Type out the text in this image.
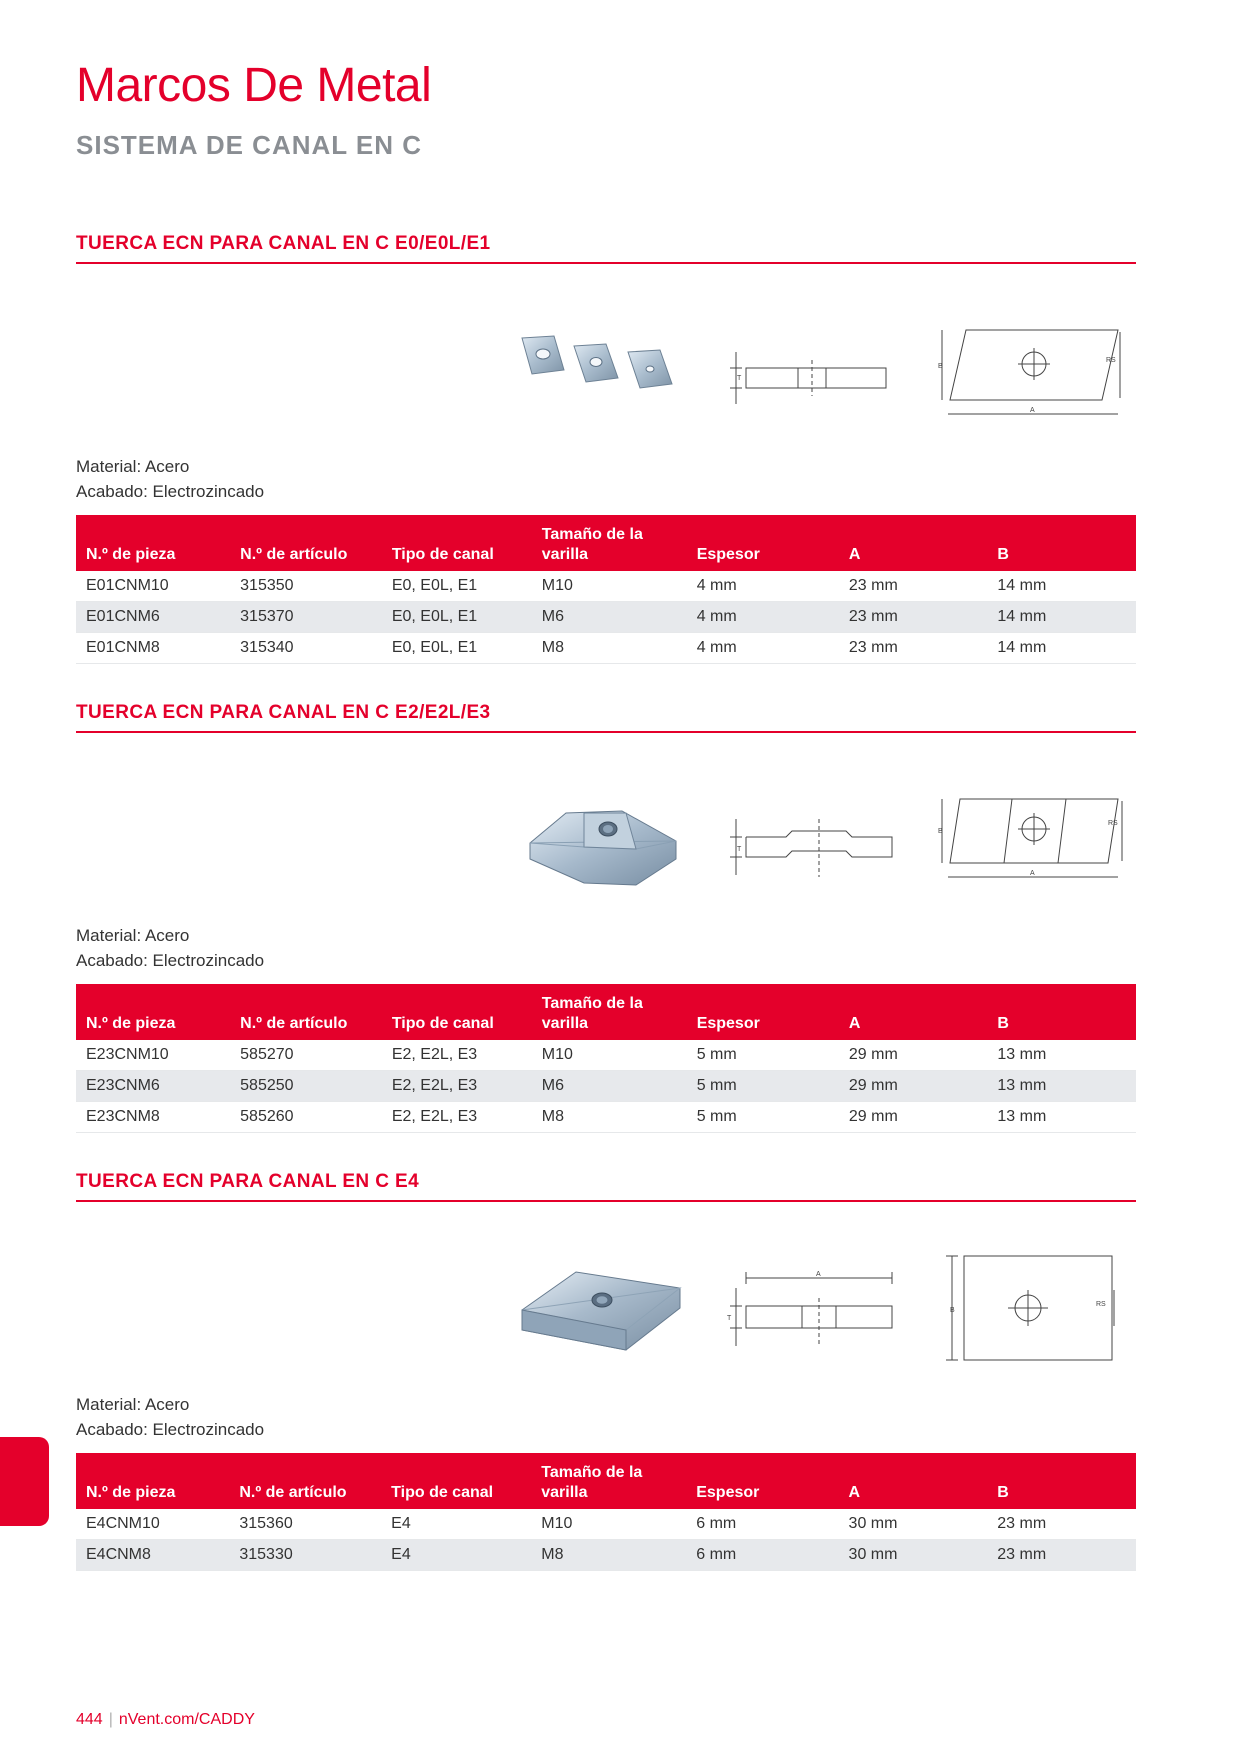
Marcos De Metal
SISTEMA DE CANAL EN C
TUERCA ECN PARA CANAL EN C E0/E0L/E1
T
B
RS
A
Material: Acero
Acabado: Electrozincado
N.º de pieza	N.º de artículo	Tipo de canal	Tamaño de la varilla	Espesor	A	B
E01CNM10	315350	E0, E0L, E1	M10	4 mm	23 mm	14 mm
E01CNM6	315370	E0, E0L, E1	M6	4 mm	23 mm	14 mm
E01CNM8	315340	E0, E0L, E1	M8	4 mm	23 mm	14 mm
TUERCA ECN PARA CANAL EN C E2/E2L/E3
T
B
RS
A
Material: Acero
Acabado: Electrozincado
N.º de pieza	N.º de artículo	Tipo de canal	Tamaño de la varilla	Espesor	A	B
E23CNM10	585270	E2, E2L, E3	M10	5 mm	29 mm	13 mm
E23CNM6	585250	E2, E2L, E3	M6	5 mm	29 mm	13 mm
E23CNM8	585260	E2, E2L, E3	M8	5 mm	29 mm	13 mm
TUERCA ECN PARA CANAL EN C E4
A
T
B
RS
Material: Acero
Acabado: Electrozincado
N.º de pieza	N.º de artículo	Tipo de canal	Tamaño de la varilla	Espesor	A	B
E4CNM10	315360	E4	M10	6 mm	30 mm	23 mm
E4CNM8	315330	E4	M8	6 mm	30 mm	23 mm
444 | nVent.com/CADDY
